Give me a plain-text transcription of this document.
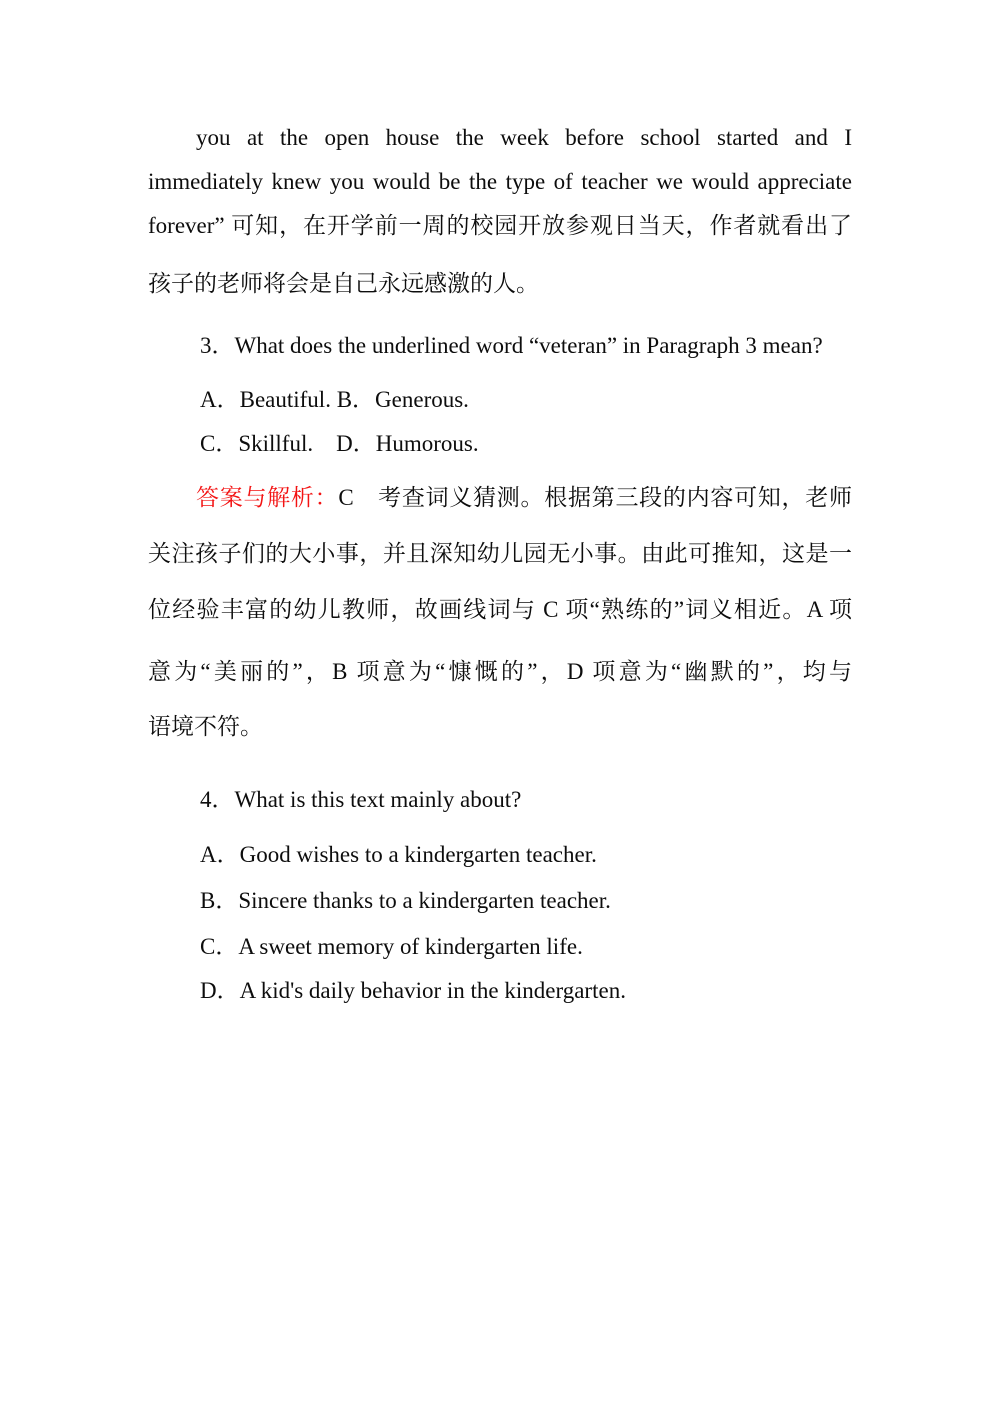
you at the open house the week before school started and I
immediately knew you would be the type of teacher we would appreciate
forever” 可知，在开学前一周的校园开放参观日当天，作者就看出了
孩子的老师将会是自己永远感激的人。
3．What does the underlined word “veteran” in Paragraph 3 mean?
A．Beautiful. B．Generous.
C．Skillful.　D．Humorous.
答案与解析：C　考查词义猜测。根据第三段的内容可知，老师
关注孩子们的大小事，并且深知幼儿园无小事。由此可推知，这是一
位经验丰富的幼儿教师，故画线词与 C 项“熟练的”词义相近。A 项
意为“美丽的”，B 项意为“慷慨的”，D 项意为“幽默的”，均与
语境不符。
4．What is this text mainly about?
A．Good wishes to a kindergarten teacher.
B．Sincere thanks to a kindergarten teacher.
C．A sweet memory of kindergarten life.
D．A kid's daily behavior in the kindergarten.
